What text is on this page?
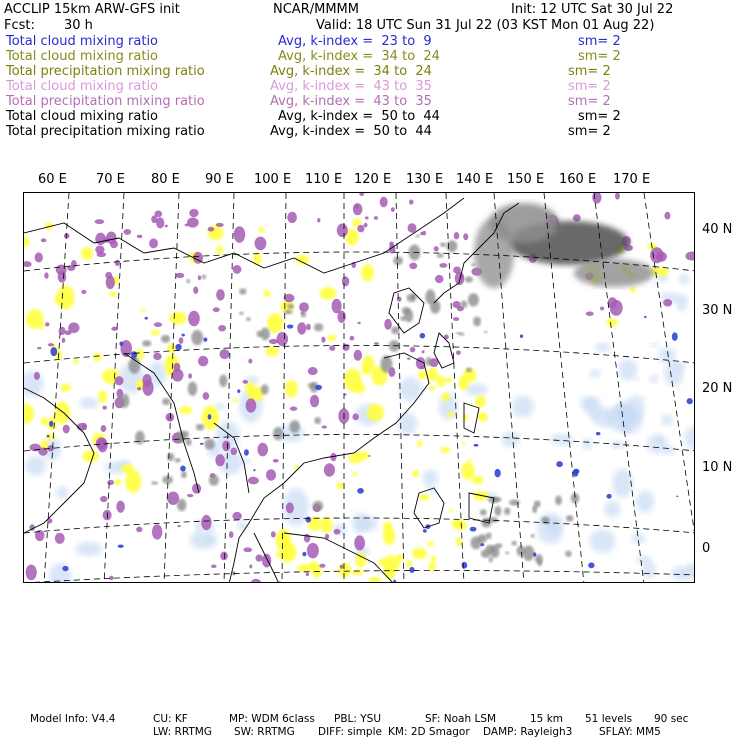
ACCLIP 15km ARW-GFS init	NCAR/MMMM	Init: 12 UTC Sat 30 Jul 22
Fcst: 30 h	Valid: 18 UTC Sun 31 Jul 22 (03 KST Mon 01 Aug 22)
Total cloud mixing ratio	Avg, k-index =  23 to  9	sm= 2
Total cloud mixing ratio	Avg, k-index =  34 to  24	sm= 2
Total precipitation mixing ratio	Avg, k-index =  34 to  24	sm= 2
Total cloud mixing ratio	Avg, k-index =  43 to  35	sm= 2
Total precipitation mixing ratio	Avg, k-index =  43 to  35	sm= 2
Total cloud mixing ratio	Avg, k-index =  50 to  44	sm= 2
Total precipitation mixing ratio	Avg, k-index =  50 to  44	sm= 2
60 E 70 E 80 E 90 E 100 E 110 E 120 E 130 E 140 E 150 E 160 E 170 E
40 N
30 N
20 N
10 N
0
Model Info: V4.4	CU: KF	MP: WDM 6class PBL: YSU	SF: Noah LSM	15 km 51 levels 90 sec
LW: RRTMG SW: RRTMG DIFF: simple KM: 2D Smagor DAMP: Rayleigh3	SFLAY: MM5
